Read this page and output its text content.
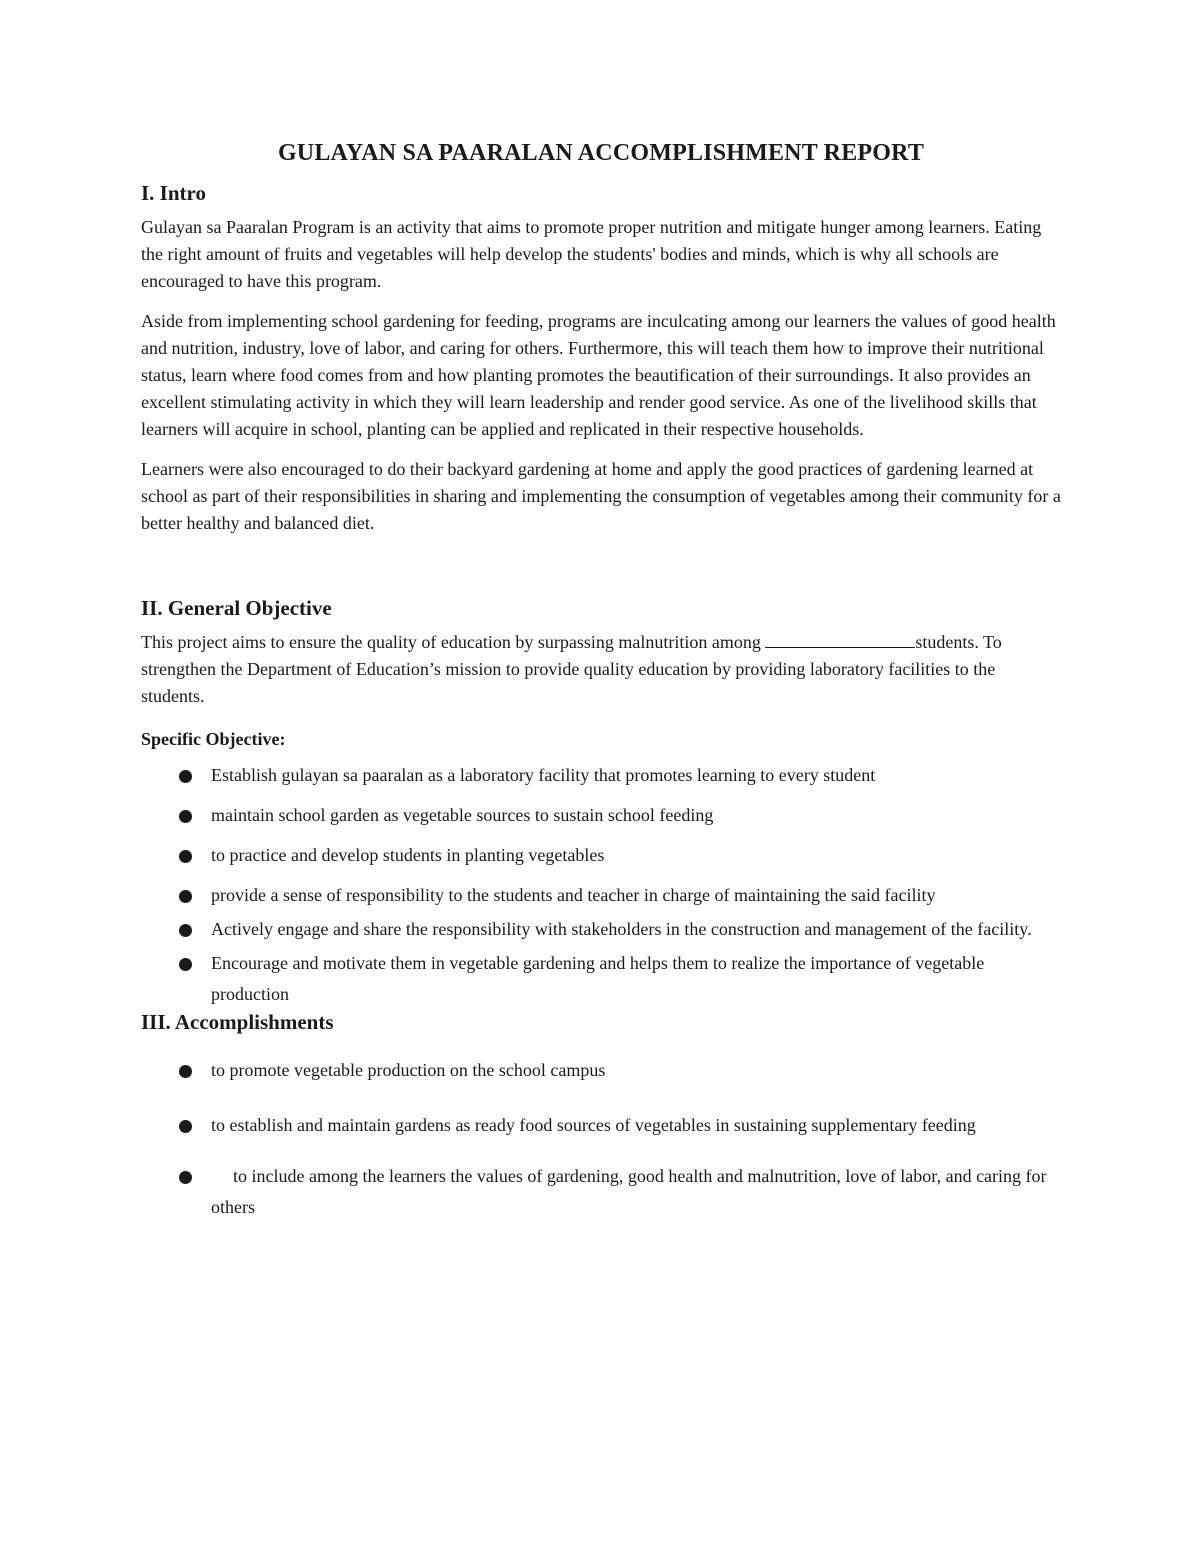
GULAYAN SA PAARALAN ACCOMPLISHMENT REPORT
I. Intro
Gulayan sa Paaralan Program is an activity that aims to promote proper nutrition and mitigate hunger among learners. Eating the right amount of fruits and vegetables will help develop the students' bodies and minds, which is why all schools are encouraged to have this program.
Aside from implementing school gardening for feeding, programs are inculcating among our learners the values of good health and nutrition, industry, love of labor, and caring for others. Furthermore, this will teach them how to improve their nutritional status, learn where food comes from and how planting promotes the beautification of their surroundings. It also provides an excellent stimulating activity in which they will learn leadership and render good service. As one of the livelihood skills that learners will acquire in school, planting can be applied and replicated in their respective households.
Learners were also encouraged to do their backyard gardening at home and apply the good practices of gardening learned at school as part of their responsibilities in sharing and implementing the consumption of vegetables among their community for a better healthy and balanced diet.
II. General Objective
This project aims to ensure the quality of education by surpassing malnutrition among	students. To strengthen the Department of Education’s mission to provide quality education by providing laboratory facilities to the students.
Specific Objective:
Establish gulayan sa paaralan as a laboratory facility that promotes learning to every student
maintain school garden as vegetable sources to sustain school feeding
to practice and develop students in planting vegetables
provide a sense of responsibility to the students and teacher in charge of maintaining the said facility
Actively engage and share the responsibility with stakeholders in the construction and management of the facility.
Encourage and motivate them in vegetable gardening and helps them to realize the importance of vegetable production
III. Accomplishments
to promote vegetable production on the school campus
to establish and maintain gardens as ready food sources of vegetables in sustaining supplementary feeding
to include among the learners the values of gardening, good health and malnutrition, love of labor, and caring for others
